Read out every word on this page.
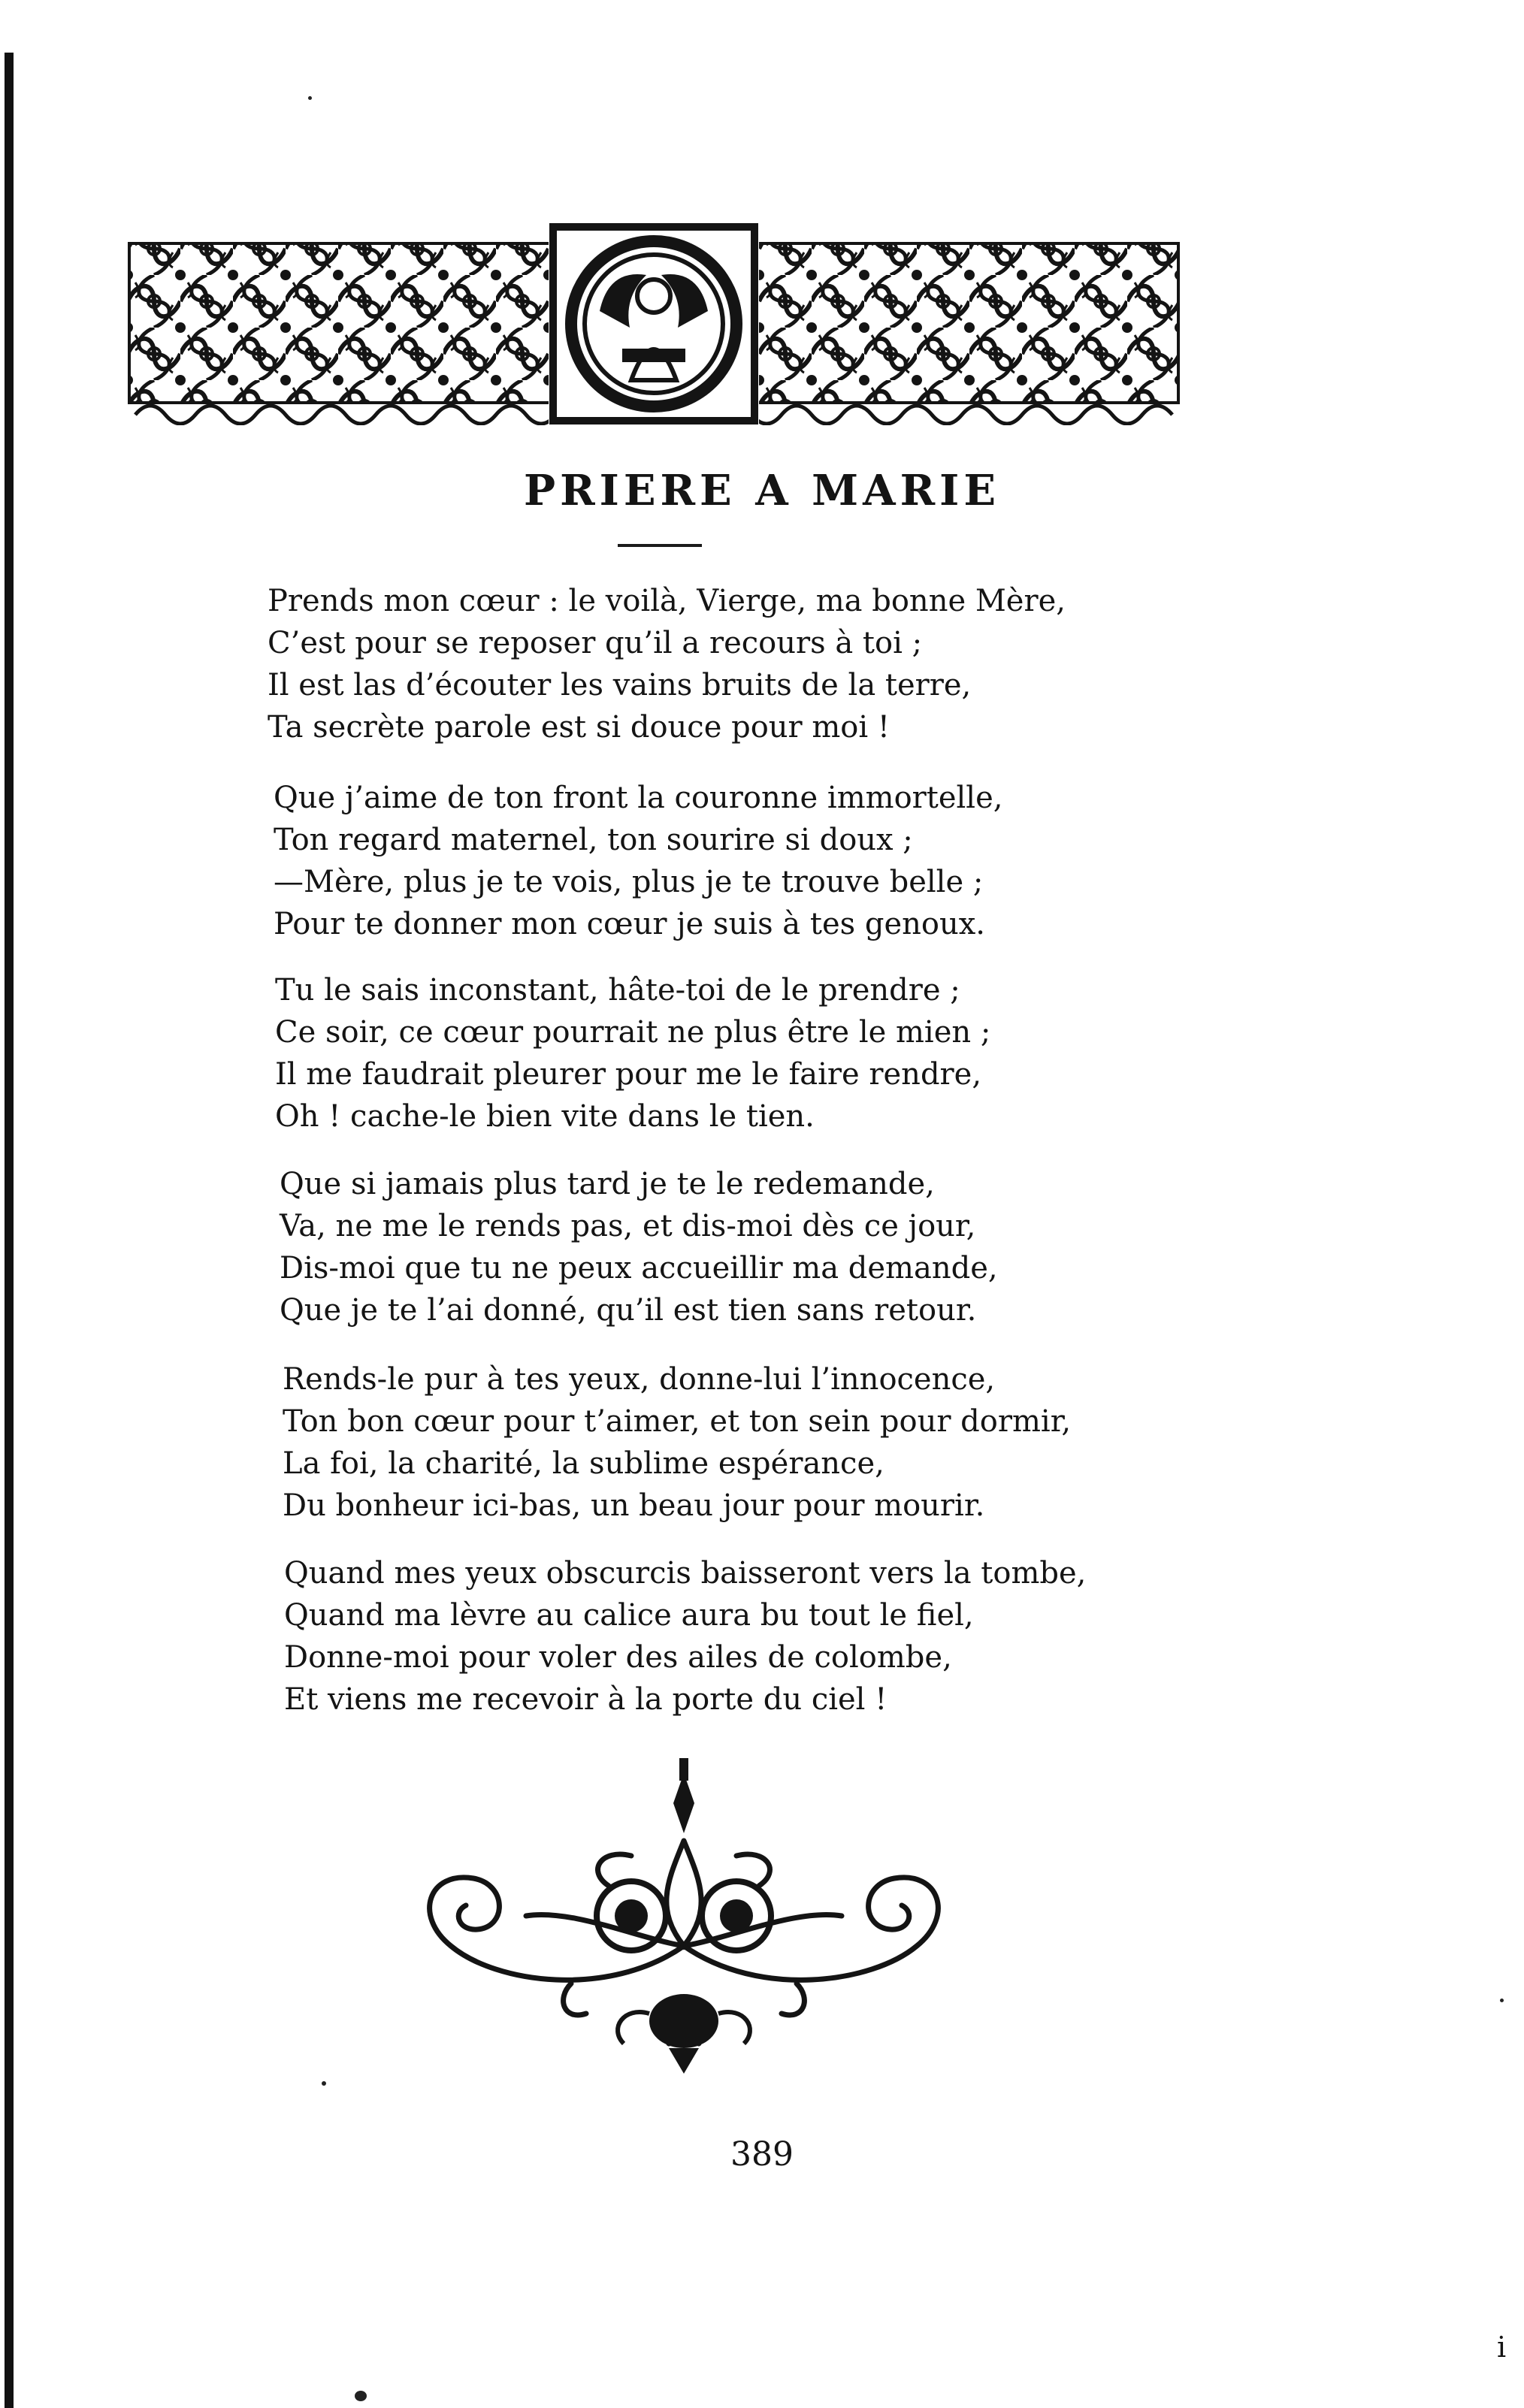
PRIERE A MARIE
Prends mon cœur : le voilà, Vierge, ma bonne Mère,
C’est pour se reposer qu’il a recours à toi ;
Il est las d’écouter les vains bruits de la terre,
Ta secrète parole est si douce pour moi !
Que j’aime de ton front la couronne immortelle,
Ton regard maternel, ton sourire si doux ;
—Mère, plus je te vois, plus je te trouve belle ;
Pour te donner mon cœur je suis à tes genoux.
Tu le sais inconstant, hâte-toi de le prendre ;
Ce soir, ce cœur pourrait ne plus être le mien ;
Il me faudrait pleurer pour me le faire rendre,
Oh ! cache-le bien vite dans le tien.
Que si jamais plus tard je te le redemande,
Va, ne me le rends pas, et dis-moi dès ce jour,
Dis-moi que tu ne peux accueillir ma demande,
Que je te l’ai donné, qu’il est tien sans retour.
Rends-le pur à tes yeux, donne-lui l’innocence,
Ton bon cœur pour t’aimer, et ton sein pour dormir,
La foi, la charité, la sublime espérance,
Du bonheur ici-bas, un beau jour pour mourir.
Quand mes yeux obscurcis baisseront vers la tombe,
Quand ma lèvre au calice aura bu tout le fiel,
Donne-moi pour voler des ailes de colombe,
Et viens me recevoir à la porte du ciel !

389

i
